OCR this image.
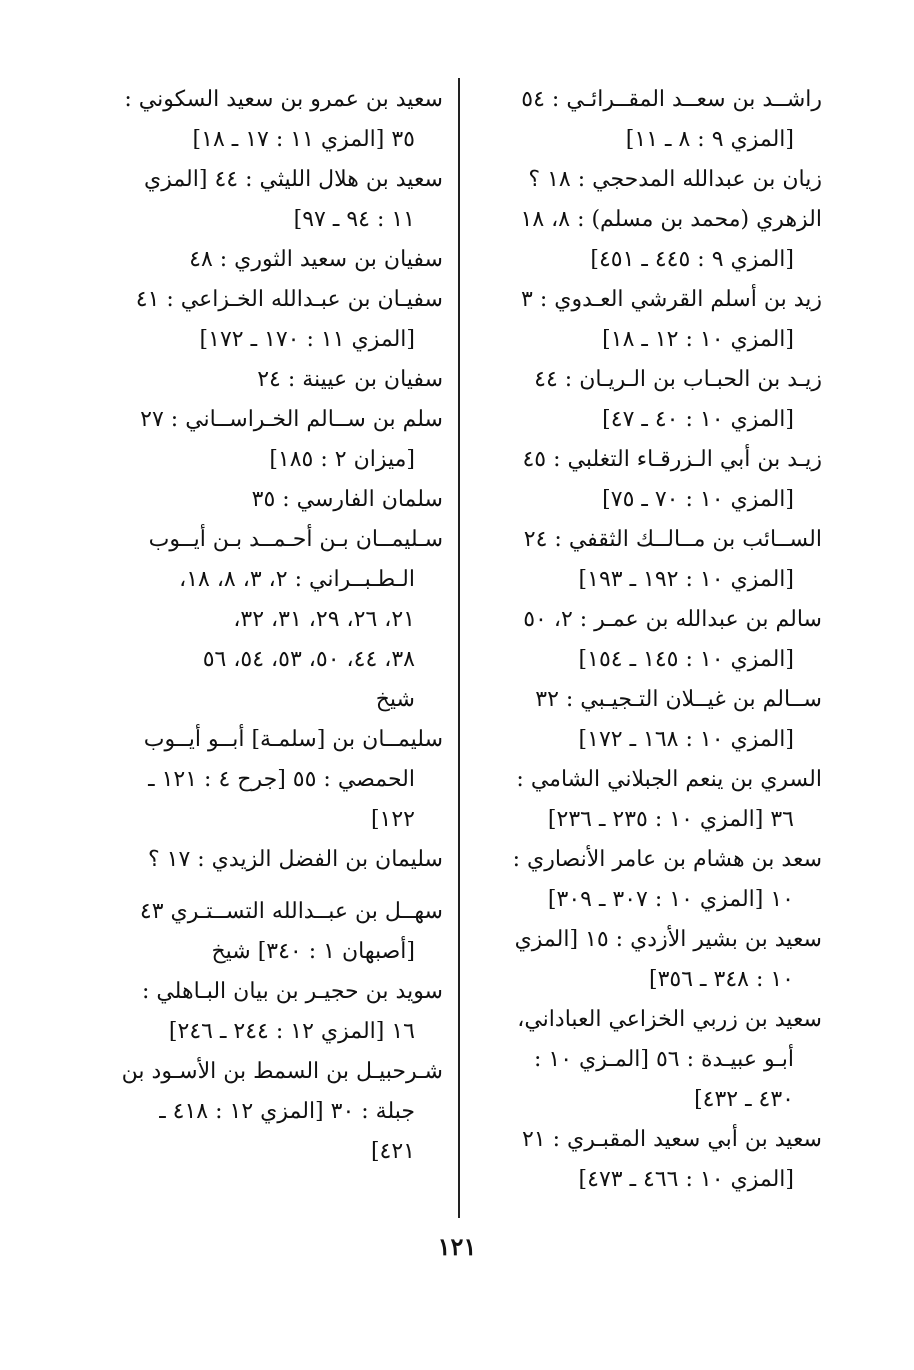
راشــد بن سعــد المقــرائـي : ٥٤
[المزي ٩ : ٨ ـ ١١]
زيان بن عبدالله المدحجي : ١٨ ؟
الزهري (محمد بن مسلم) : ٨، ١٨
[المزي ٩ : ٤٤٥ ـ ٤٥١]
زيد بن أسلم القرشي العـدوي : ٣
[المزي ١٠ : ١٢ ـ ١٨]
زيـد بن الحبـاب بن الـريـان : ٤٤
[المزي ١٠ : ٤٠ ـ ٤٧]
زيـد بن أبي الـزرقـاء التغلبي : ٤٥
[المزي ١٠ : ٧٠ ـ ٧٥]
الســائب بن مــالــك الثقفي : ٢٤
[المزي ١٠ : ١٩٢ ـ ١٩٣]
سالم بن عبدالله بن عمـر : ٢، ٥٠
[المزي ١٠ : ١٤٥ ـ ١٥٤]
ســالم بن غيــلان التـجيـبي : ٣٢
[المزي ١٠ : ١٦٨ ـ ١٧٢]
السري بن ينعم الجبلاني الشامي :
٣٦ [المزي ١٠ : ٢٣٥ ـ ٢٣٦]
سعد بن هشام بن عامر الأنصاري :
١٠ [المزي ١٠ : ٣٠٧ ـ ٣٠٩]
سعيد بن بشير الأزدي : ١٥ [المزي
١٠ : ٣٤٨ ـ ٣٥٦]
سعيد بن زربي الخزاعي العباداني،
أبـو عبيـدة : ٥٦ [المـزي ١٠ :
٤٣٠ ـ ٤٣٢]
سعيد بن أبي سعيد المقبـري : ٢١
[المزي ١٠ : ٤٦٦ ـ ٤٧٣]
سعيد بن عمرو بن سعيد السكوني :
٣٥ [المزي ١١ : ١٧ ـ ١٨]
سعيد بن هلال الليثي : ٤٤ [المزي
١١ : ٩٤ ـ ٩٧]
سفيان بن سعيد الثوري : ٤٨
سفيـان بن عبـدالله الخـزاعي : ٤١
[المزي ١١ : ١٧٠ ـ ١٧٢]
سفيان بن عيينة : ٢٤
سلم بن ســالم الخـراســاني : ٢٧
[ميزان ٢ : ١٨٥]
سلمان الفارسي : ٣٥
سـليمــان بـن أحـمــد بـن أيــوب
الـطـبــراني : ٢، ٣، ٨، ١٨،
٢١، ٢٦، ٢٩، ٣١، ٣٢،
٣٨، ٤٤، ٥٠، ٥٣، ٥٤، ٥٦
شيخ
سليمــان بن [سلمـة] أبــو أيــوب
الحمصي : ٥٥ [جرح ٤ : ١٢١ ـ
١٢٢]
سليمان بن الفضل الزيدي : ١٧ ؟
سهــل بن عبــدالله التســتـري ٤٣
[أصبهان ١ : ٣٤٠] شيخ
سويد بن حجيـر بن بيان البـاهلي :
١٦ [المزي ١٢ : ٢٤٤ ـ ٢٤٦]
شـرحبيـل بن السمط بن الأسـود بن
جبلة : ٣٠ [المزي ١٢ : ٤١٨ ـ
٤٢١]
١٢١
